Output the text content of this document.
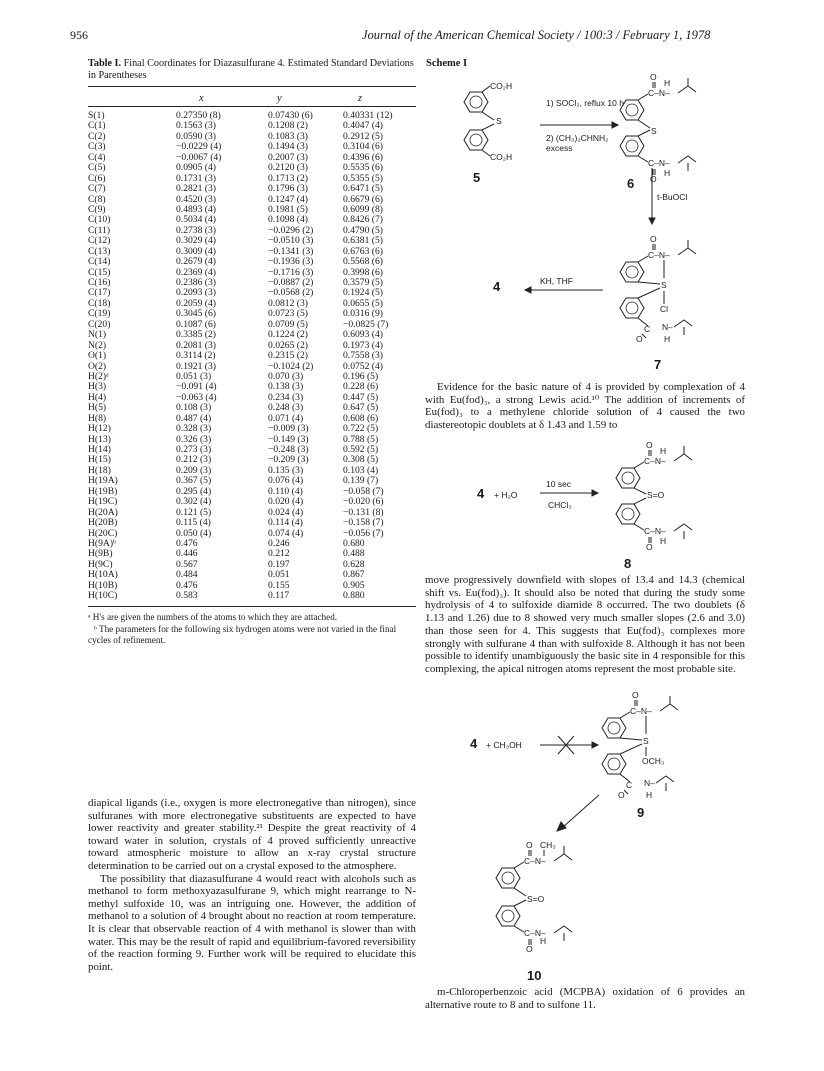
956	Journal of the American Chemical Society / 100:3 / February 1, 1978
Table I. Final Coordinates for Diazasulfurane 4. Estimated Standard Deviations in Parentheses
x	y	z
S(1)	0.27350 (8)	0.07430 (6)	0.40331 (12)
C(1)	0.1563 (3)	0.1208 (2)	0.4047 (4)
C(2)	0.0590 (3)	0.1083 (3)	0.2912 (5)
C(3)	−0.0229 (4)	0.1494 (3)	0.3104 (6)
C(4)	−0.0067 (4)	0.2007 (3)	0.4396 (6)
C(5)	0.0905 (4)	0.2120 (3)	0.5535 (6)
C(6)	0.1731 (3)	0.1713 (2)	0.5355 (5)
C(7)	0.2821 (3)	0.1796 (3)	0.6471 (5)
C(8)	0.4520 (3)	0.1247 (4)	0.6679 (6)
C(9)	0.4893 (4)	0.1981 (5)	0.6099 (8)
C(10)	0.5034 (4)	0.1098 (4)	0.8426 (7)
C(11)	0.2738 (3)	−0.0296 (2)	0.4790 (5)
C(12)	0.3029 (4)	−0.0510 (3)	0.6381 (5)
C(13)	0.3009 (4)	−0.1341 (3)	0.6763 (6)
C(14)	0.2679 (4)	−0.1936 (3)	0.5568 (6)
C(15)	0.2369 (4)	−0.1716 (3)	0.3998 (6)
C(16)	0.2386 (3)	−0.0887 (2)	0.3579 (5)
C(17)	0.2093 (3)	−0.0568 (2)	0.1924 (5)
C(18)	0.2059 (4)	0.0812 (3)	0.0655 (5)
C(19)	0.3045 (6)	0.0723 (5)	0.0316 (9)
C(20)	0.1087 (6)	0.0709 (5)	−0.0825 (7)
N(1)	0.3385 (2)	0.1224 (2)	0.6093 (4)
N(2)	0.2081 (3)	0.0265 (2)	0.1973 (4)
O(1)	0.3114 (2)	0.2315 (2)	0.7558 (3)
O(2)	0.1921 (3)	−0.1024 (2)	0.0752 (4)
H(2)ᵃ	0.051 (3)	0.070 (3)	0.196 (5)
H(3)	−0.091 (4)	0.138 (3)	0.228 (6)
H(4)	−0.063 (4)	0.234 (3)	0.447 (5)
H(5)	0.108 (3)	0.248 (3)	0.647 (5)
H(8)	0.487 (4)	0.071 (4)	0.608 (6)
H(12)	0.328 (3)	−0.009 (3)	0.722 (5)
H(13)	0.326 (3)	−0.149 (3)	0.788 (5)
H(14)	0.273 (3)	−0.248 (3)	0.592 (5)
H(15)	0.212 (3)	−0.209 (3)	0.308 (5)
H(18)	0.209 (3)	0.135 (3)	0.103 (4)
H(19A)	0.367 (5)	0.076 (4)	0.139 (7)
H(19B)	0.295 (4)	0.110 (4)	−0.058 (7)
H(19C)	0.302 (4)	0.020 (4)	−0.020 (6)
H(20A)	0.121 (5)	0.024 (4)	−0.131 (8)
H(20B)	0.115 (4)	0.114 (4)	−0.158 (7)
H(20C)	0.050 (4)	0.074 (4)	−0.056 (7)
H(9A)ᵇ	0.476	0.246	0.680
H(9B)	0.446	0.212	0.488
H(9C)	0.567	0.197	0.628
H(10A)	0.484	0.051	0.867
H(10B)	0.476	0.155	0.905
H(10C)	0.583	0.117	0.880
ᵃ H's are given the numbers of the atoms to which they are attached.
ᵇ The parameters for the following six hydrogen atoms were not varied in the final cycles of refinement.

diapical ligands (i.e., oxygen is more electronegative than nitrogen), since sulfuranes with more electronegative substituents are expected to have lower reactivity and greater stability.²¹ Despite the great reactivity of 4 toward water in solution, crystals of 4 proved sufficiently unreactive toward atmospheric moisture to allow an x-ray crystal structure determination to be carried out on a crystal exposed to the atmosphere.

The possibility that diazasulfurane 4 would react with alcohols such as methanol to form methoxyazasulfurane 9, which might rearrange to N-methyl sulfoxide 10, was an intriguing one. However, the addition of methanol to a solution of 4 brought about no reaction at room temperature. It is clear that observable reaction of 4 with methanol is slower than with water. This may be the result of rapid and equilibrium-favored reversibility of the reaction forming 9. Further work will be required to elucidate this point.

Scheme I
CO₂H
S
CO₂H
5
1) SOCl₂, reflux 10 h
2) (CH₃)₂CHNH₂ excess
O
C–N–
H
S
C–N–
O
H
6
t-BuOCl
O
C–N–
S
Cl
C
O
N–
H
7
4	KH, THF

Evidence for the basic nature of 4 is provided by complexation of 4 with Eu(fod)₃, a strong Lewis acid.¹⁰ The addition of increments of Eu(fod)₃ to a methylene chloride solution of 4 caused the two diastereotopic doublets at δ 1.43 and 1.59 to

4 + H₂O
10 sec
CHCl₃
O
C–N–
H
S=O
C–N–
O
H
8

move progressively downfield with slopes of 13.4 and 14.3 (chemical shift vs. Eu(fod)₃). It should also be noted that during the study some hydrolysis of 4 to sulfoxide diamide 8 occurred. The two doublets (δ 1.13 and 1.26) due to 8 showed very much smaller slopes (2.6 and 3.0) than those seen for 4. This suggests that Eu(fod)₃ complexes more strongly with sulfurane 4 than with sulfoxide 8. Although it has not been possible to identify unambiguously the basic site in 4 responsible for this complexing, the apical nitrogen atoms represent the most probable site.

4 + CH₃OH
O
C–N–
S
OCH₃
C
O
N–
H
9
O CH₃
C–N–
S=O
C–N–
O
H
10

m-Chloroperbenzoic acid (MCPBA) oxidation of 6 provides an alternative route to 8 and to sulfone 11.
